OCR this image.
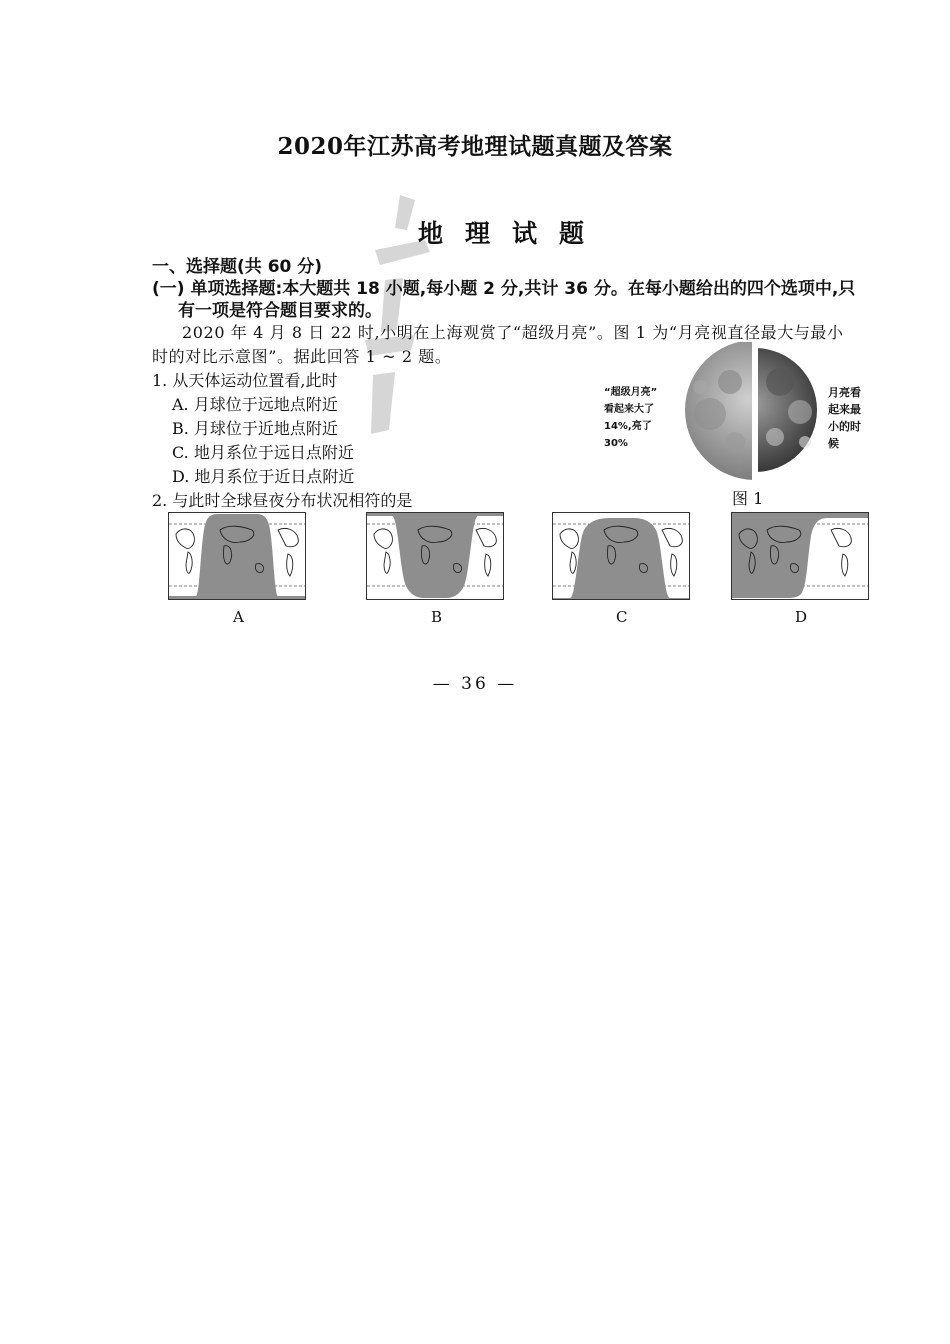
2020年江苏高考地理试题真题及答案
地理试题
一、选择题(共 60 分)
(一) 单项选择题:本大题共 18 小题,每小题 2 分,共计 36 分。在每小题给出的四个选项中,只
有一项是符合题目要求的。
2020 年 4 月 8 日 22 时,小明在上海观赏了“超级月亮”。图 1 为“月亮视直径最大与最小
时的对比示意图”。据此回答 1 ~ 2 题。
1. 从天体运动位置看,此时
A. 月球位于远地点附近
B. 月球位于近地点附近
C. 地月系位于远日点附近
D. 地月系位于近日点附近
2. 与此时全球昼夜分布状况相符的是
“超级月亮”
看起来大了
14%,亮了
30%
月亮看
起来最
小的时
候
图 1
A	B	C	D
— 36 —
